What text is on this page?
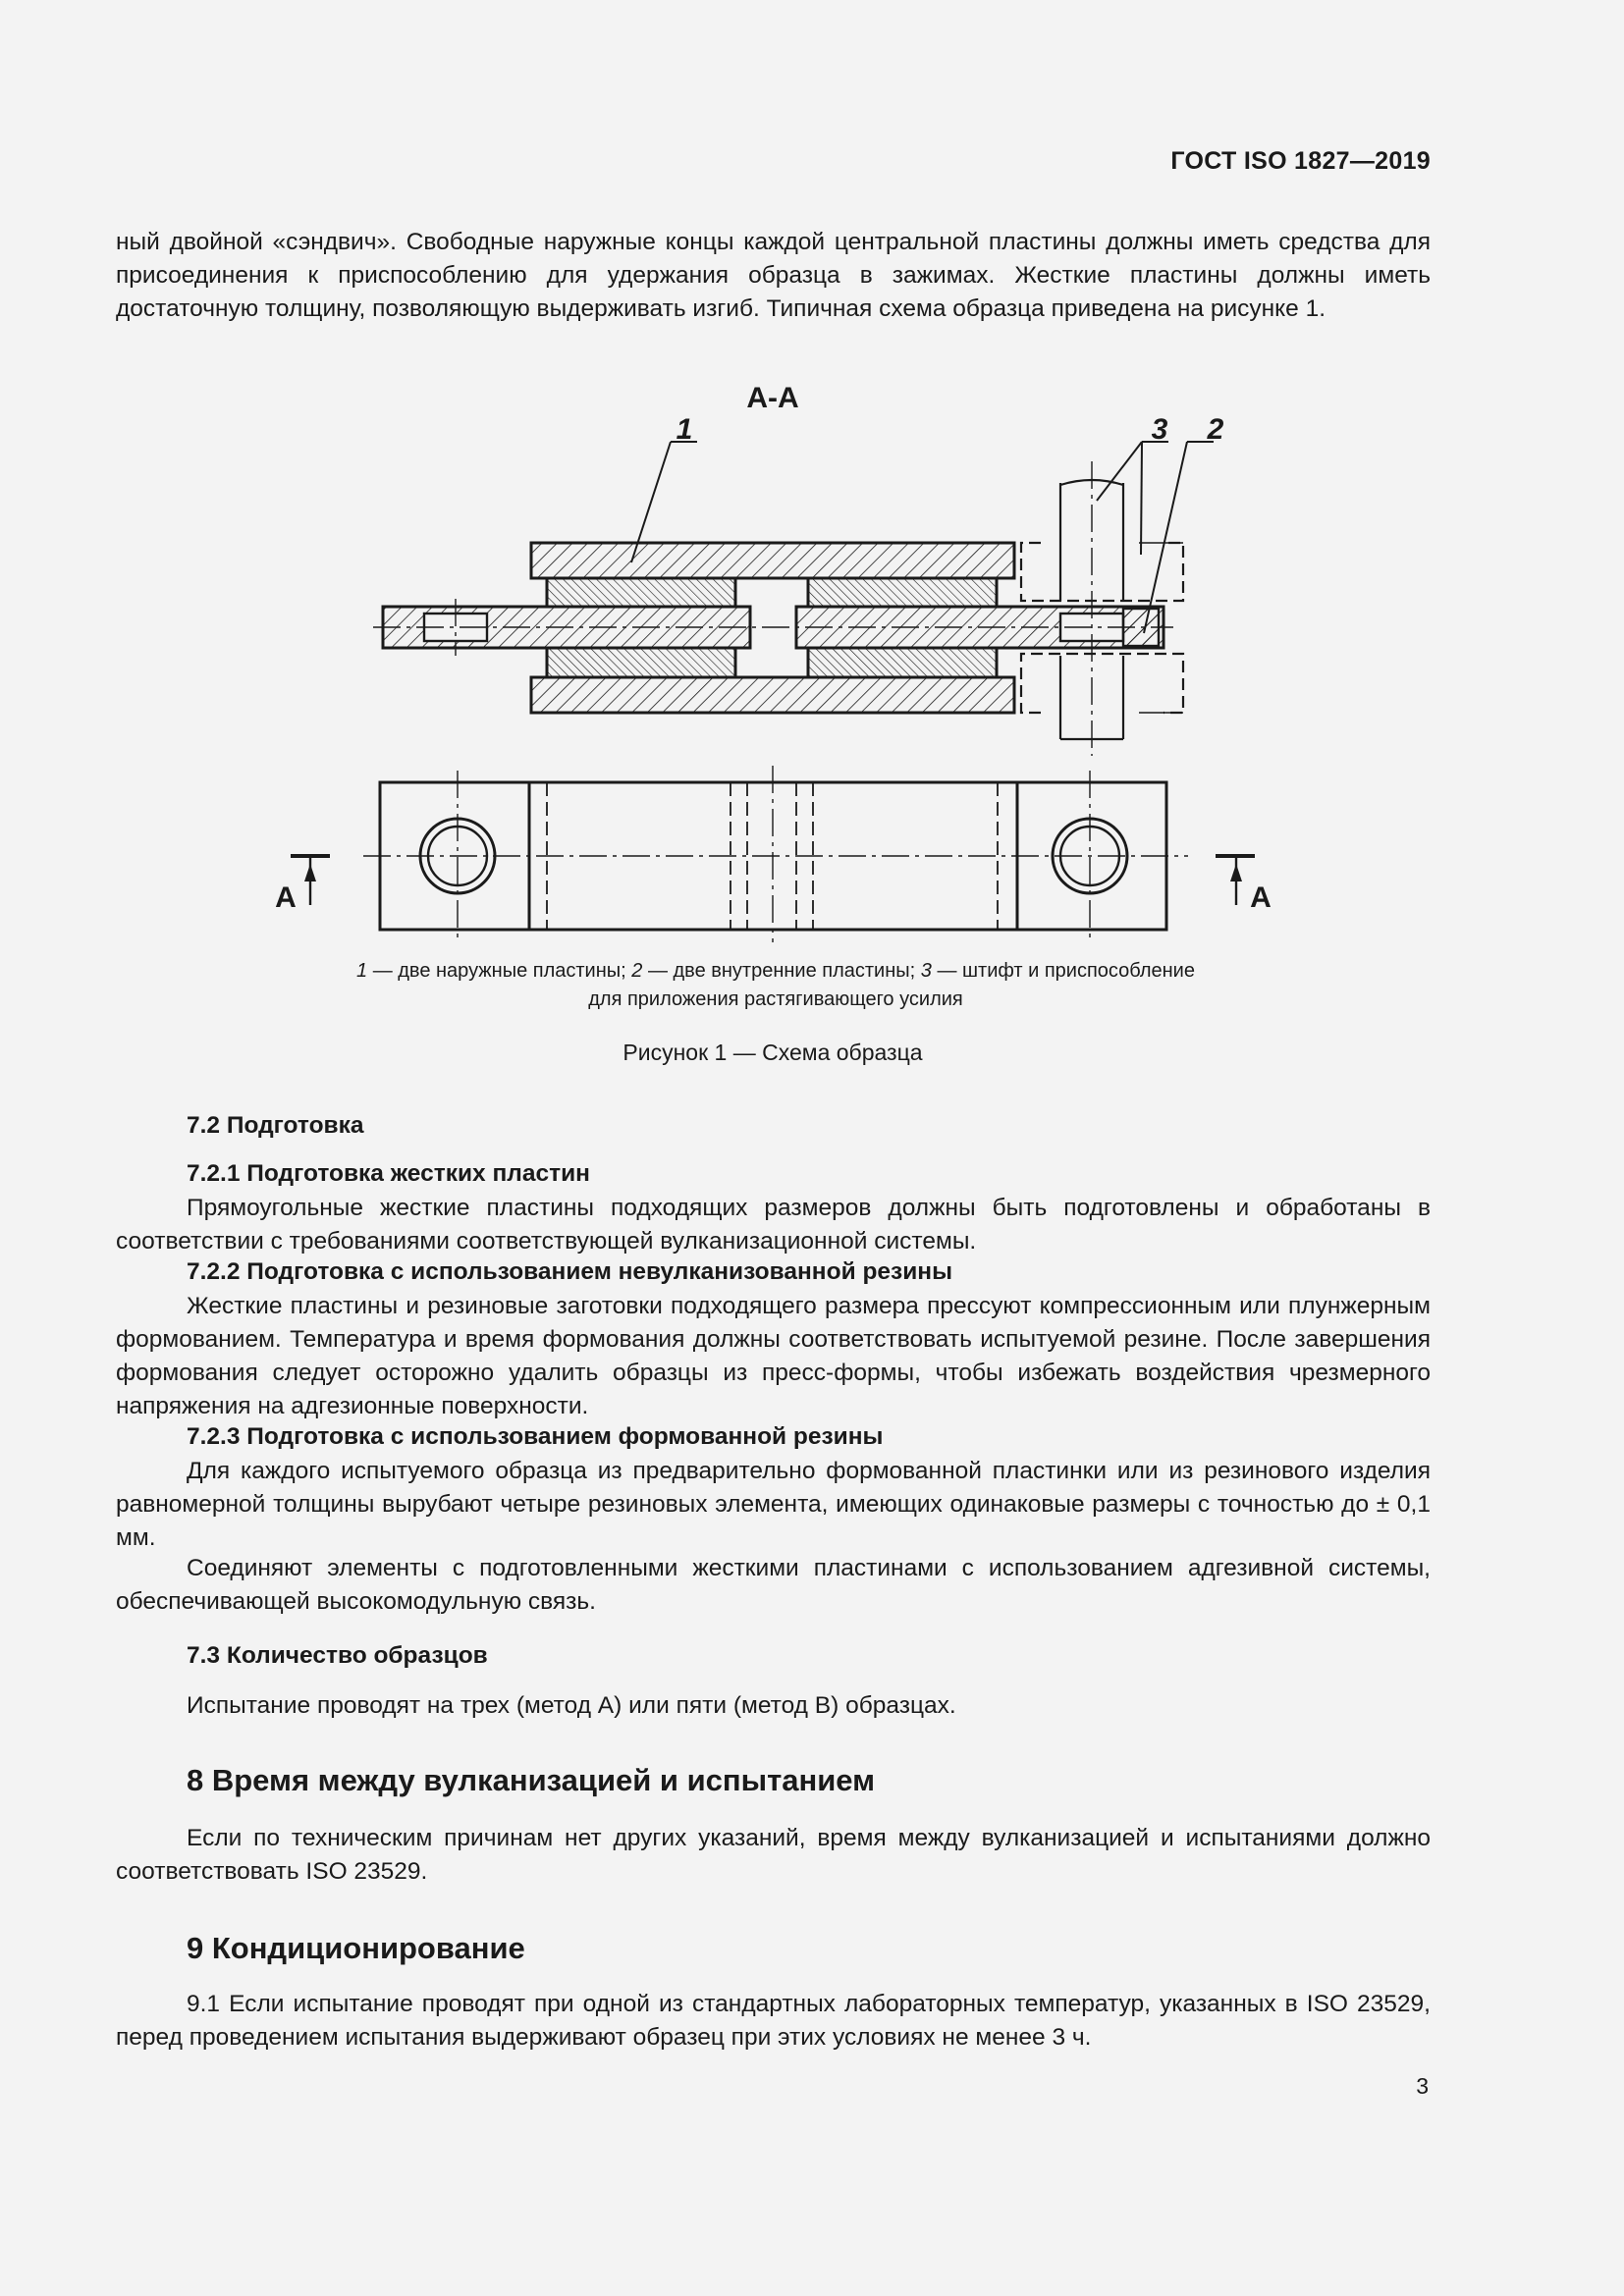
ГОСТ ISO 1827—2019
ный двойной «сэндвич». Свободные наружные концы каждой центральной пластины должны иметь средства для присоединения к приспособлению для удержания образца в зажимах. Жесткие пластины должны иметь достаточную толщину, позволяющую выдерживать изгиб. Типичная схема образца приведена на рисунке 1.
А-А
1	3 2
А	А
1 — две наружные пластины; 2 — две внутренние пластины; 3 — штифт и приспособление
для приложения растягивающего усилия
Рисунок 1 — Схема образца
7.2 Подготовка
7.2.1 Подготовка жестких пластин
Прямоугольные жесткие пластины подходящих размеров должны быть подготовлены и обработаны в соответствии с требованиями соответствующей вулканизационной системы.
7.2.2 Подготовка с использованием невулканизованной резины
Жесткие пластины и резиновые заготовки подходящего размера прессуют компрессионным или плунжерным формованием. Температура и время формования должны соответствовать испытуемой резине. После завершения формования следует осторожно удалить образцы из пресс-формы, чтобы избежать воздействия чрезмерного напряжения на адгезионные поверхности.
7.2.3 Подготовка с использованием формованной резины
Для каждого испытуемого образца из предварительно формованной пластинки или из резинового изделия равномерной толщины вырубают четыре резиновых элемента, имеющих одинаковые размеры с точностью до ± 0,1 мм.
Соединяют элементы с подготовленными жесткими пластинами с использованием адгезивной системы, обеспечивающей высокомодульную связь.
7.3 Количество образцов
Испытание проводят на трех (метод А) или пяти (метод В) образцах.
8 Время между вулканизацией и испытанием
Если по техническим причинам нет других указаний, время между вулканизацией и испытаниями должно соответствовать ISO 23529.
9 Кондиционирование
9.1 Если испытание проводят при одной из стандартных лабораторных температур, указанных в ISO 23529, перед проведением испытания выдерживают образец при этих условиях не менее 3 ч.
3
